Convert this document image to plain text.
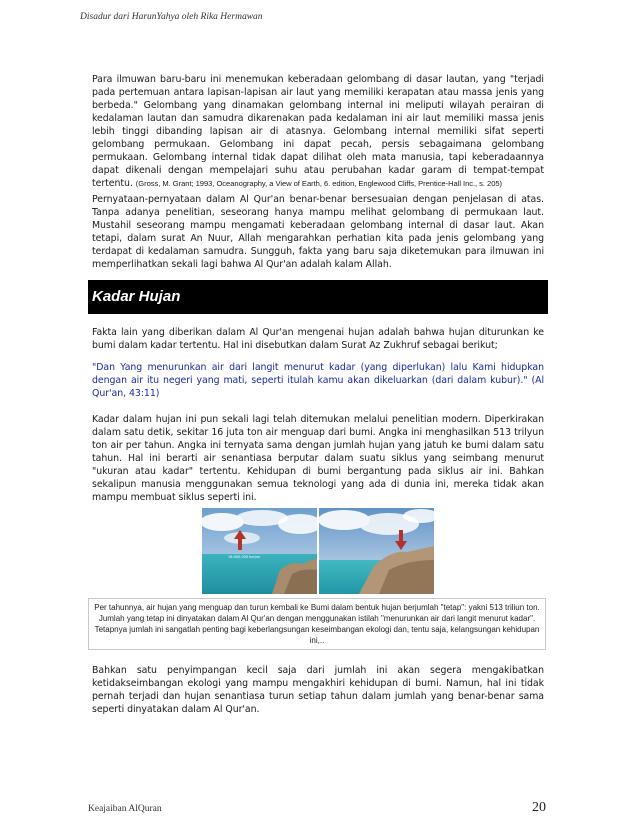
Disadur dari HarunYahya oleh Rika Hermawan

Para ilmuwan baru-baru ini menemukan keberadaan gelombang di dasar lautan, yang "terjadi pada pertemuan antara lapisan-lapisan air laut yang memiliki kerapatan atau massa jenis yang berbeda." Gelombang yang dinamakan gelombang internal ini meliputi wilayah perairan di kedalaman lautan dan samudra dikarenakan pada kedalaman ini air laut memiliki massa jenis lebih tinggi dibanding lapisan air di atasnya. Gelombang internal memiliki sifat seperti gelombang permukaan. Gelombang ini dapat pecah, persis sebagaimana gelombang permukaan. Gelombang internal tidak dapat dilihat oleh mata manusia, tapi keberadaannya dapat dikenali dengan mempelajari suhu atau perubahan kadar garam di tempat-tempat tertentu. (Gross, M. Grant; 1993, Oceanography, a View of Earth, 6. edition, Englewood Cliffs, Prentice-Hall Inc., s. 205)

Pernyataan-pernyataan dalam Al Qur'an benar-benar bersesuaian dengan penjelasan di atas. Tanpa adanya penelitian, seseorang hanya mampu melihat gelombang di permukaan laut. Mustahil seseorang mampu mengamati keberadaan gelombang internal di dasar laut. Akan tetapi, dalam surat An Nuur, Allah mengarahkan perhatian kita pada jenis gelombang yang terdapat di kedalaman samudra. Sungguh, fakta yang baru saja diketemukan para ilmuwan ini memperlihatkan sekali lagi bahwa Al Qur'an adalah kalam Allah.

Kadar Hujan

Fakta lain yang diberikan dalam Al Qur'an mengenai hujan adalah bahwa hujan diturunkan ke bumi dalam kadar tertentu. Hal ini disebutkan dalam Surat Az Zukhruf sebagai berikut;

"Dan Yang menurunkan air dari langit menurut kadar (yang diperlukan) lalu Kami hidupkan dengan air itu negeri yang mati, seperti itulah kamu akan dikeluarkan (dari dalam kubur)." (Al Qur'an, 43:11)

Kadar dalam hujan ini pun sekali lagi telah ditemukan melalui penelitian modern. Diperkirakan dalam satu detik, sekitar 16 juta ton air menguap dari bumi. Angka ini menghasilkan 513 trilyun ton air per tahun. Angka ini ternyata sama dengan jumlah hujan yang jatuh ke bumi dalam satu tahun. Hal ini berarti air senantiasa berputar dalam suatu siklus yang seimbang menurut "ukuran atau kadar" tertentu. Kehidupan di bumi bergantung pada siklus air ini. Bahkan sekalipun manusia menggunakan semua teknologi yang ada di dunia ini, mereka tidak akan mampu membuat siklus seperti ini.

16.000.000 ton/sn
Per tahunnya, air hujan yang menguap dan turun kembali ke Bumi dalam bentuk hujan berjumlah "tetap": yakni 513 triliun ton. Jumlah yang tetap ini dinyatakan dalam Al Qur'an dengan menggunakan istilah "menurunkan air dari langit menurut kadar". Tetapnya jumlah ini sangatlah penting bagi keberlangsungan keseimbangan ekologi dan, tentu saja, kelangsungan kehidupan ini,..

Bahkan satu penyimpangan kecil saja dari jumlah ini akan segera mengakibatkan ketidakseimbangan ekologi yang mampu mengakhiri kehidupan di bumi. Namun, hal ini tidak pernah terjadi dan hujan senantiasa turun setiap tahun dalam jumlah yang benar-benar sama seperti dinyatakan dalam Al Qur'an.

Keajaiban AlQuran	20
